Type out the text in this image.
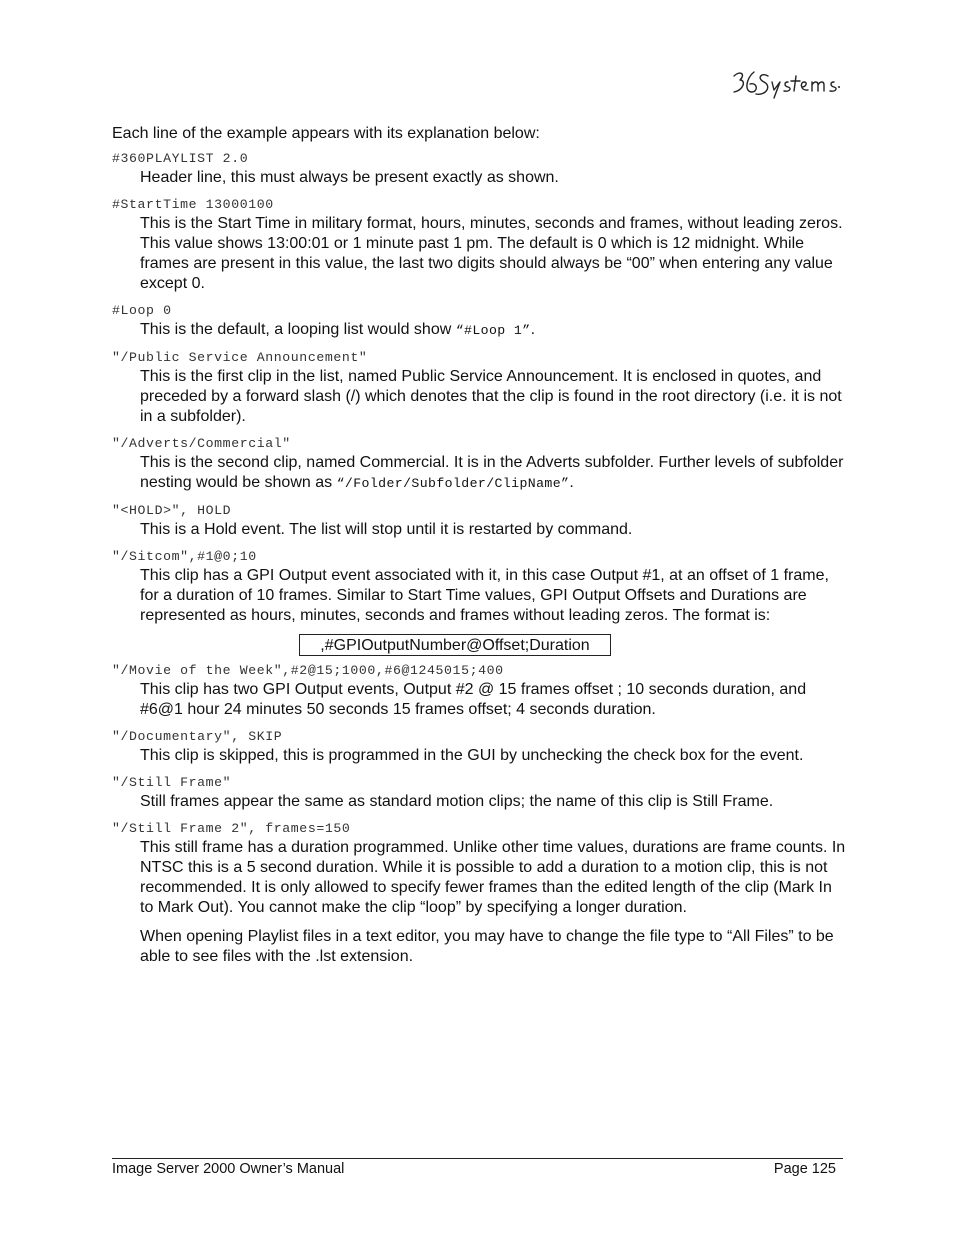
Each line of the example appears with its explanation below:

#360PLAYLIST 2.0

Header line, this must always be present exactly as shown.

#StartTime 13000100

This is the Start Time in military format, hours, minutes, seconds and frames, without leading zeros. This value shows 13:00:01 or 1 minute past 1 pm. The default is 0 which is 12 midnight. While frames are present in this value, the last two digits should always be “00” when entering any value except 0.

#Loop 0

This is the default, a looping list would show “#Loop 1”.

"/Public Service Announcement"

This is the first clip in the list, named Public Service Announcement. It is enclosed in quotes, and preceded by a forward slash (/) which denotes that the clip is found in the root directory (i.e. it is not in a subfolder).

"/Adverts/Commercial"

This is the second clip, named Commercial. It is in the Adverts subfolder. Further levels of subfolder nesting would be shown as “/Folder/Subfolder/ClipName”.

"<HOLD>", HOLD

This is a Hold event. The list will stop until it is restarted by command.

"/Sitcom",#1@0;10

This clip has a GPI Output event associated with it, in this case Output #1, at an offset of 1 frame, for a duration of 10 frames. Similar to Start Time values, GPI Output Offsets and Durations are represented as hours, minutes, seconds and frames without leading zeros. The format is:

,#GPIOutputNumber@Offset;Duration

"/Movie of the Week",#2@15;1000,#6@1245015;400

This clip has two GPI Output events, Output #2 @ 15 frames offset ; 10 seconds duration, and #6@1 hour 24 minutes 50 seconds 15 frames offset; 4 seconds duration.

"/Documentary", SKIP

This clip is skipped, this is programmed in the GUI by unchecking the check box for the event.

"/Still Frame"

Still frames appear the same as standard motion clips; the name of this clip is Still Frame.

"/Still Frame 2", frames=150

This still frame has a duration programmed. Unlike other time values, durations are frame counts. In NTSC this is a 5 second duration. While it is possible to add a duration to a motion clip, this is not recommended. It is only allowed to specify fewer frames than the edited length of the clip (Mark In to Mark Out). You cannot make the clip “loop” by specifying a longer duration.

When opening Playlist files in a text editor, you may have to change the file type to “All Files” to be able to see files with the .lst extension.

Image Server 2000 Owner’s Manual	Page 125
